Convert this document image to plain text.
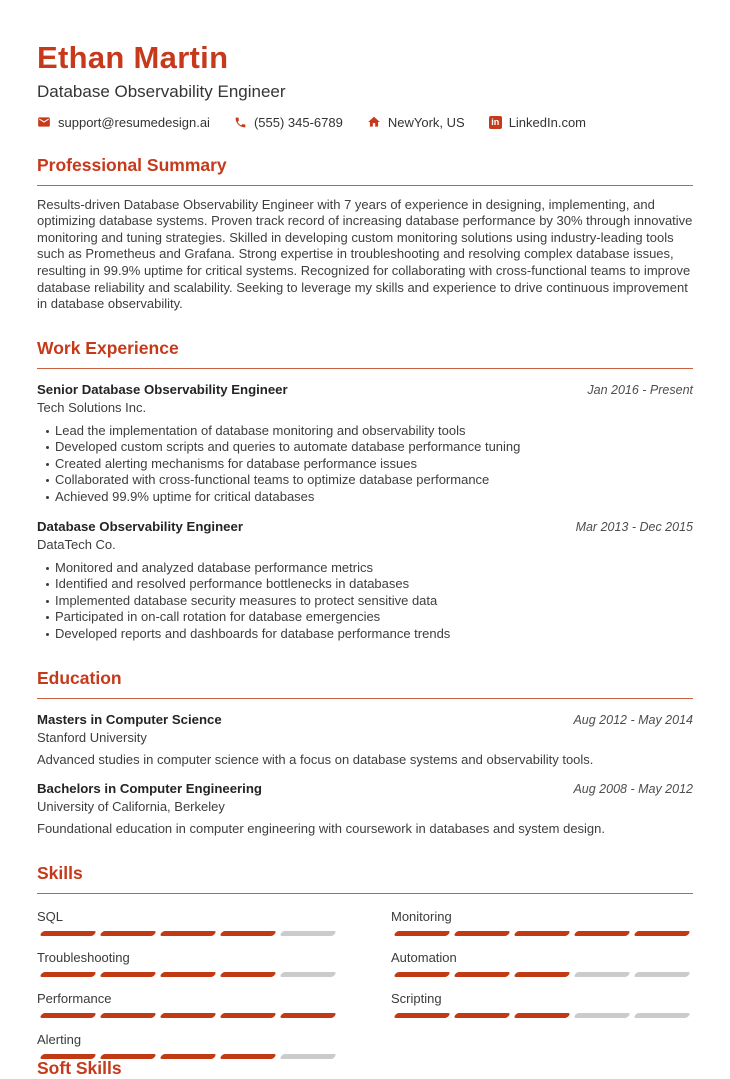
Ethan Martin
Database Observability Engineer
support@resumedesign.ai	(555) 345-6789	NewYork, US	in LinkedIn.com
Professional Summary

Results-driven Database Observability Engineer with 7 years of experience in designing, implementing, and optimizing database systems. Proven track record of increasing database performance by 30% through innovative monitoring and tuning strategies. Skilled in developing custom monitoring solutions using industry-leading tools such as Prometheus and Grafana. Strong expertise in troubleshooting and resolving complex database issues, resulting in 99.9% uptime for critical systems. Recognized for collaborating with cross-functional teams to improve database reliability and scalability. Seeking to leverage my skills and experience to drive continuous improvement in database observability.

Work Experience
Senior Database Observability Engineer	Jan 2016 - Present
Tech Solutions Inc.
Lead the implementation of database monitoring and observability tools
Developed custom scripts and queries to automate database performance tuning
Created alerting mechanisms for database performance issues
Collaborated with cross-functional teams to optimize database performance
Achieved 99.9% uptime for critical databases
Database Observability Engineer	Mar 2013 - Dec 2015
DataTech Co.
Monitored and analyzed database performance metrics
Identified and resolved performance bottlenecks in databases
Implemented database security measures to protect sensitive data
Participated in on-call rotation for database emergencies
Developed reports and dashboards for database performance trends
Education
Masters in Computer Science	Aug 2012 - May 2014
Stanford University

Advanced studies in computer science with a focus on database systems and observability tools.

Bachelors in Computer Engineering	Aug 2008 - May 2012
University of California, Berkeley

Foundational education in computer engineering with coursework in databases and system design.

Skills
SQL
Troubleshooting
Performance
Alerting
Monitoring
Automation
Scripting
Soft Skills
